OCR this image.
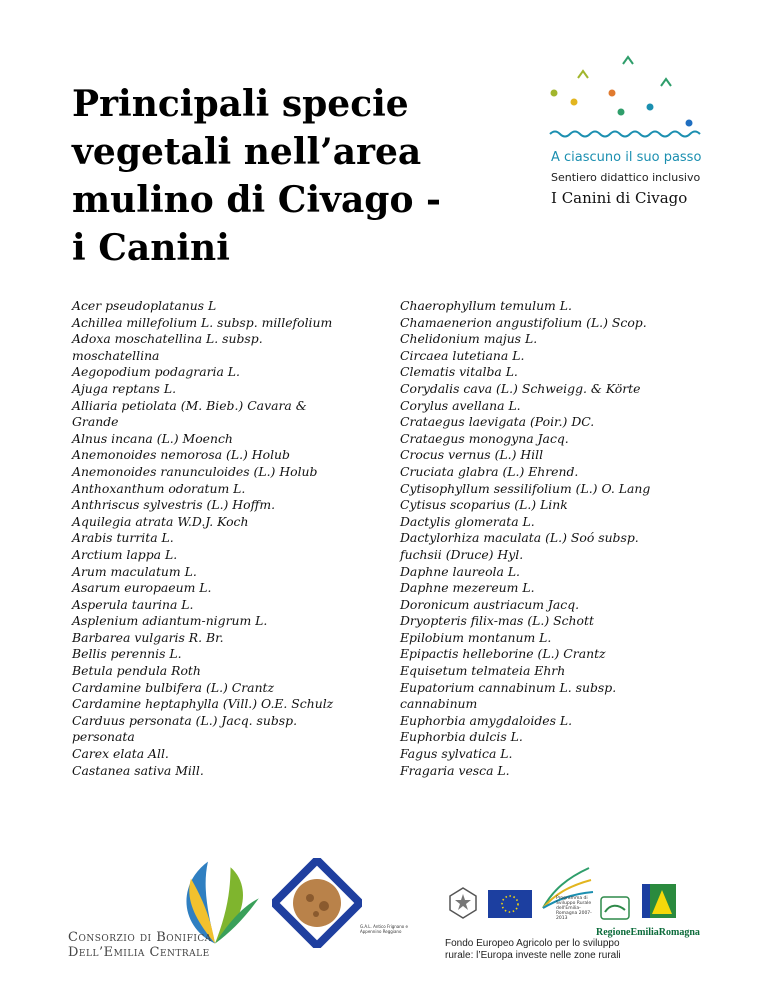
Principali specie
vegetali nell’area
mulino di Civago -
i Canini
A ciascuno il suo passo
Sentiero didattico inclusivo
I Canini di Civago
Acer pseudoplatanus L
Achillea millefolium L. subsp. millefolium
Adoxa moschatellina L. subsp.
moschatellina
Aegopodium podagraria L.
Ajuga reptans L.
Alliaria petiolata (M. Bieb.) Cavara &
Grande
Alnus incana (L.) Moench
Anemonoides nemorosa (L.) Holub
Anemonoides ranunculoides (L.) Holub
Anthoxanthum odoratum L.
Anthriscus sylvestris (L.) Hoffm.
Aquilegia atrata W.D.J. Koch
Arabis turrita L.
Arctium lappa L.
Arum maculatum L.
Asarum europaeum L.
Asperula taurina L.
Asplenium adiantum-nigrum L.
Barbarea vulgaris R. Br.
Bellis perennis L.
Betula pendula Roth
Cardamine bulbifera (L.) Crantz
Cardamine heptaphylla (Vill.) O.E. Schulz
Carduus personata (L.) Jacq. subsp.
personata
Carex elata All.
Castanea sativa Mill.
Chaerophyllum temulum L.
Chamaenerion angustifolium (L.) Scop.
Chelidonium majus L.
Circaea lutetiana L.
Clematis vitalba L.
Corydalis cava (L.) Schweigg. & Körte
Corylus avellana L.
Crataegus laevigata (Poir.) DC.
Crataegus monogyna Jacq.
Crocus vernus (L.) Hill
Cruciata glabra (L.) Ehrend.
Cytisophyllum sessilifolium (L.) O. Lang
Cytisus scoparius (L.) Link
Dactylis glomerata L.
Dactylorhiza maculata (L.) Soó subsp.
fuchsii (Druce) Hyl.
Daphne laureola L.
Daphne mezereum L.
Doronicum austriacum Jacq.
Dryopteris filix-mas (L.) Schott
Epilobium montanum L.
Epipactis helleborine (L.) Crantz
Equisetum telmateia Ehrh
Eupatorium cannabinum L. subsp.
cannabinum
Euphorbia amygdaloides L.
Euphorbia dulcis L.
Fagus sylvatica L.
Fragaria vesca L.
Consorzio di Bonifica
Dell’Emilia Centrale
G.A.L. Antico Frignano e Appennino Reggiano
Programma di Sviluppo Rurale dell'Emilia-Romagna 2007-2013
Fondo Europeo Agricolo per lo sviluppo
rurale: l’Europa investe nelle zone rurali
RegioneEmiliaRomagna
